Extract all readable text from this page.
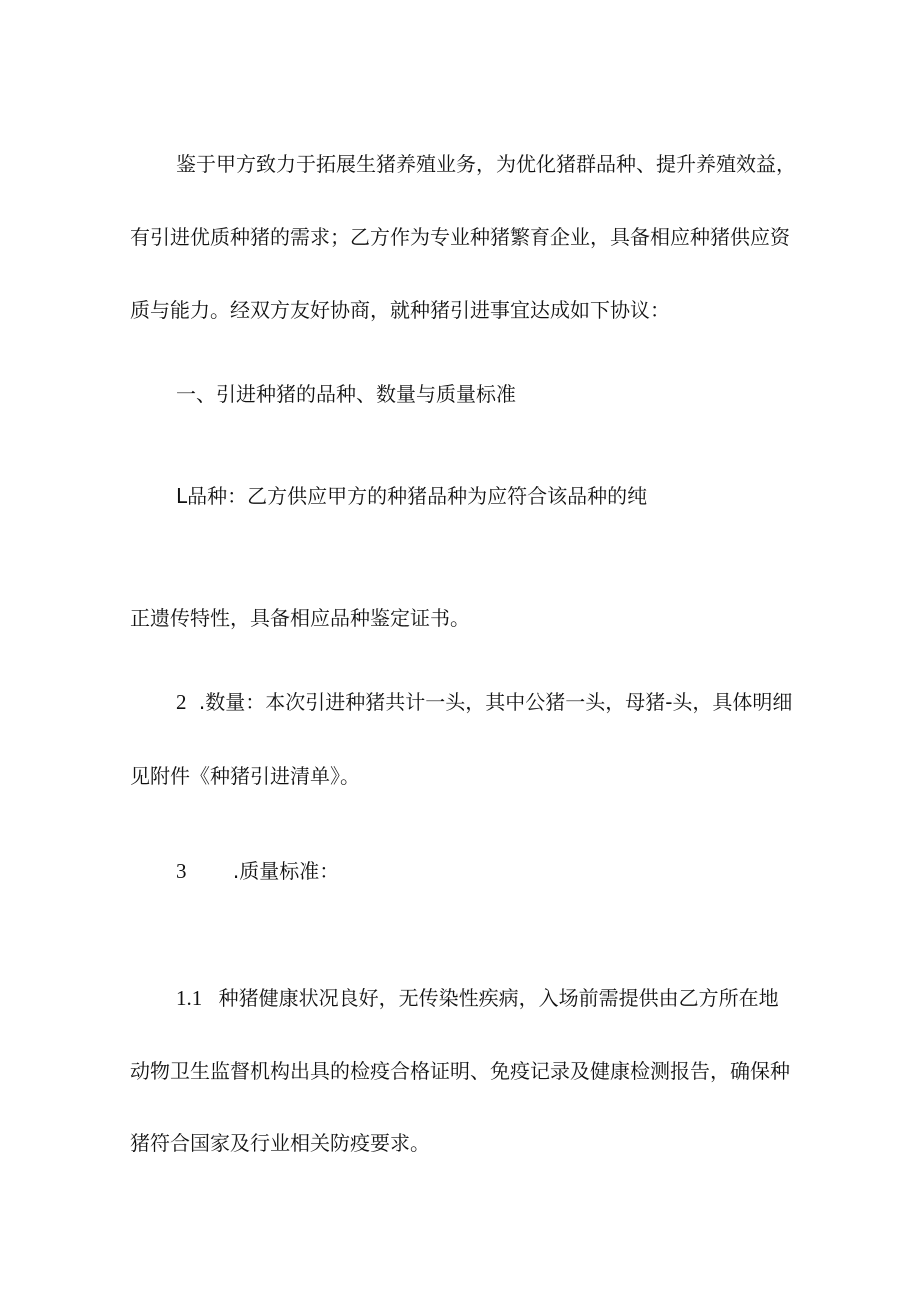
鉴于甲方致力于拓展生猪养殖业务，为优化猪群品种、提升养殖效益，
有引进优质种猪的需求；乙方作为专业种猪繁育企业，具备相应种猪供应资
质与能力。经双方友好协商，就种猪引进事宜达成如下协议：
一、引进种猪的品种、数量与质量标准
L品种：乙方供应甲方的种猪品种为应符合该品种的纯
正遗传特性，具备相应品种鉴定证书。
2 .数量：本次引进种猪共计一头，其中公猪一头，母猪-头，具体明细
见附件《种猪引进清单》。
3 .质量标准：
1.1 种猪健康状况良好，无传染性疾病，入场前需提供由乙方所在地
动物卫生监督机构出具的检疫合格证明、免疫记录及健康检测报告，确保种
猪符合国家及行业相关防疫要求。
